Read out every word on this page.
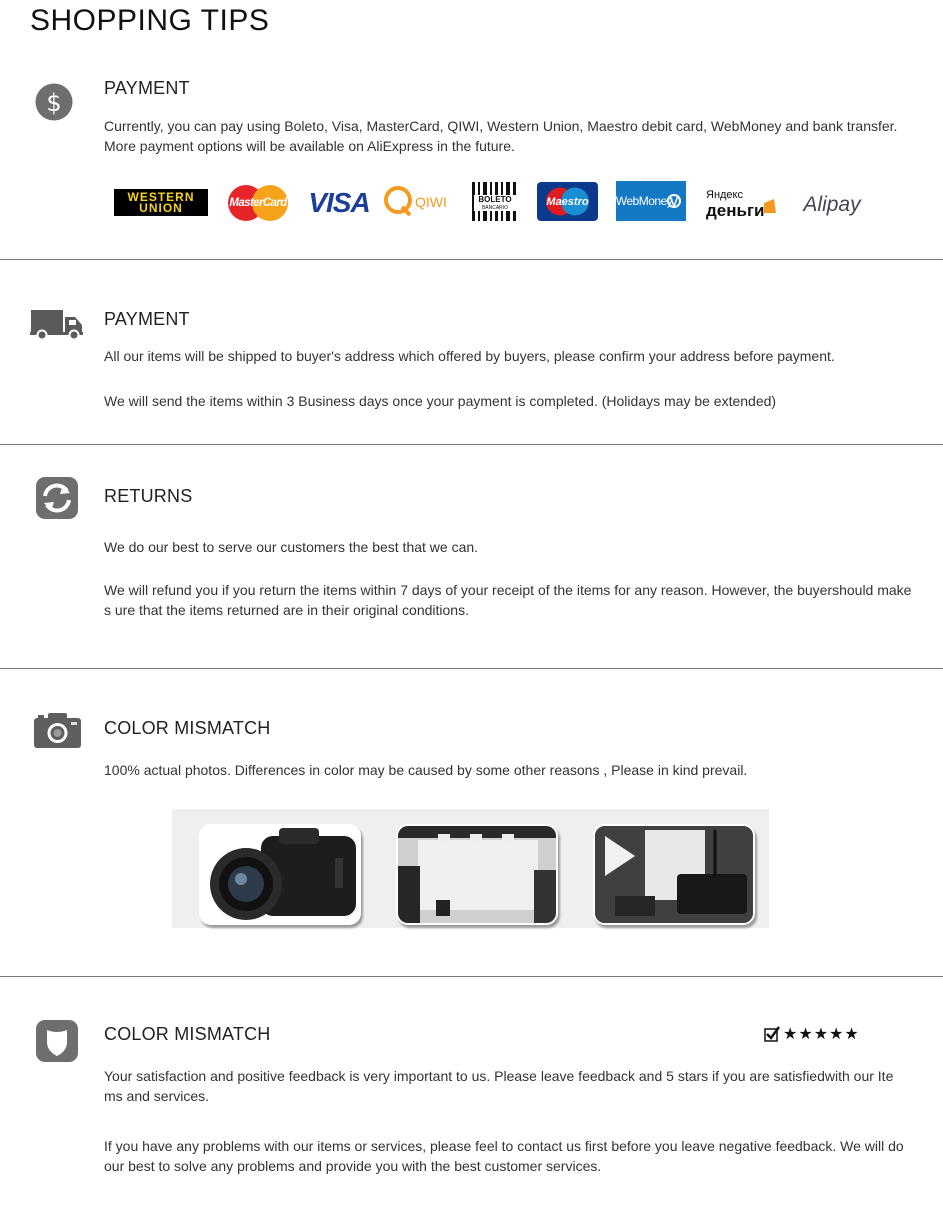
SHOPPING TIPS
$
PAYMENT

Currently, you can pay using Boleto, Visa, MasterCard, QIWI, Western Union, Maestro debit card, WebMoney and bank transfer. More payment options will be available on AliExpress in the future.

WESTERN
UNION	MasterCard VISA	QIWI	BOLETO
BANCARIO
Maestro WebMoney	Яндекс
деньги Alipay
PAYMENT

All our items will be shipped to buyer's address which offered by buyers, please confirm your address before payment.

We will send the items within 3 Business days once your payment is completed. (Holidays may be extended)

RETURNS

We do our best to serve our customers the best that we can.

We will refund you if you return the items within 7 days of your receipt of the items for any reason. However, the buyershould make s ure that the items returned are in their original conditions.

COLOR MISMATCH

100% actual photos. Differences in color may be caused by some other reasons , Please in kind prevail.

COLOR MISMATCH	★★★★★

Your satisfaction and positive feedback is very important to us. Please leave feedback and 5 stars if you are satisfiedwith our Ite ms and services.

If you have any problems with our items or services, please feel to contact us first before you leave negative feedback. We will do our best to solve any problems and provide you with the best customer services.
